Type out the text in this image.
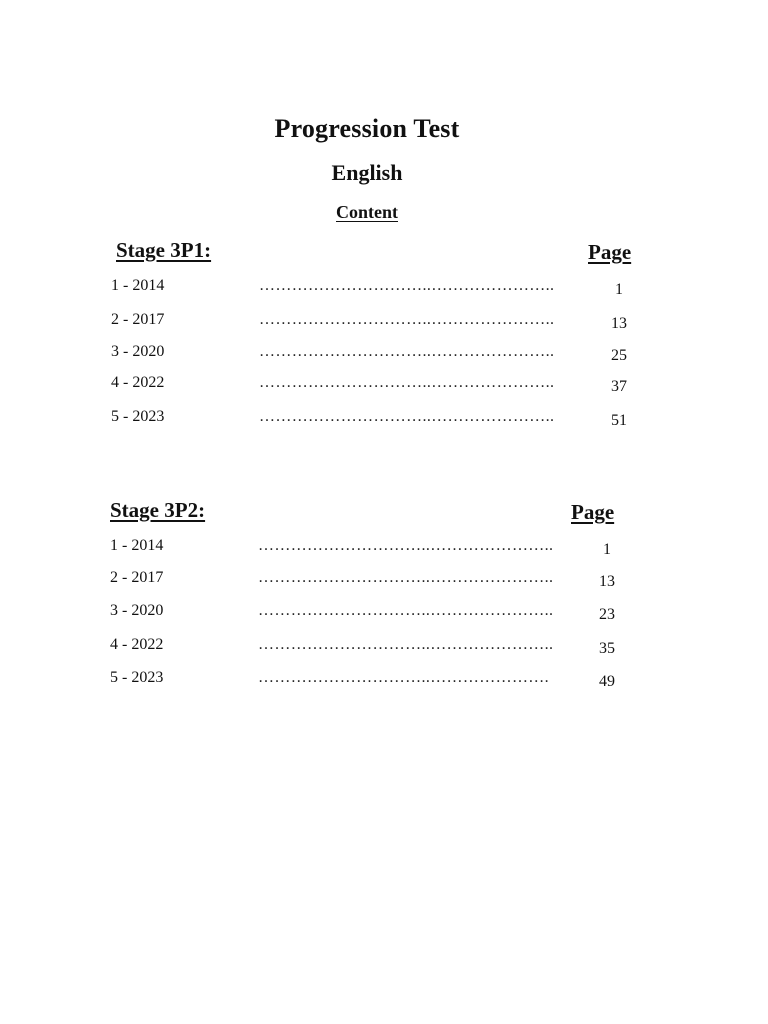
Progression Test
English
Content
Stage 3P1:	Page
1 - 2014	…………………………..…………………..	1
2 - 2017	…………………………..…………………..	13
3 - 2020	…………………………..…………………..	25
4 - 2022	…………………………..…………………..	37
5 - 2023	…………………………..…………………..	51
Stage 3P2:	Page
1 - 2014	…………………………..…………………..	1
2 - 2017	…………………………..…………………..	13
3 - 2020	…………………………..…………………..	23
4 - 2022	…………………………..…………………..	35
5 - 2023	…………………………..………………….	49
